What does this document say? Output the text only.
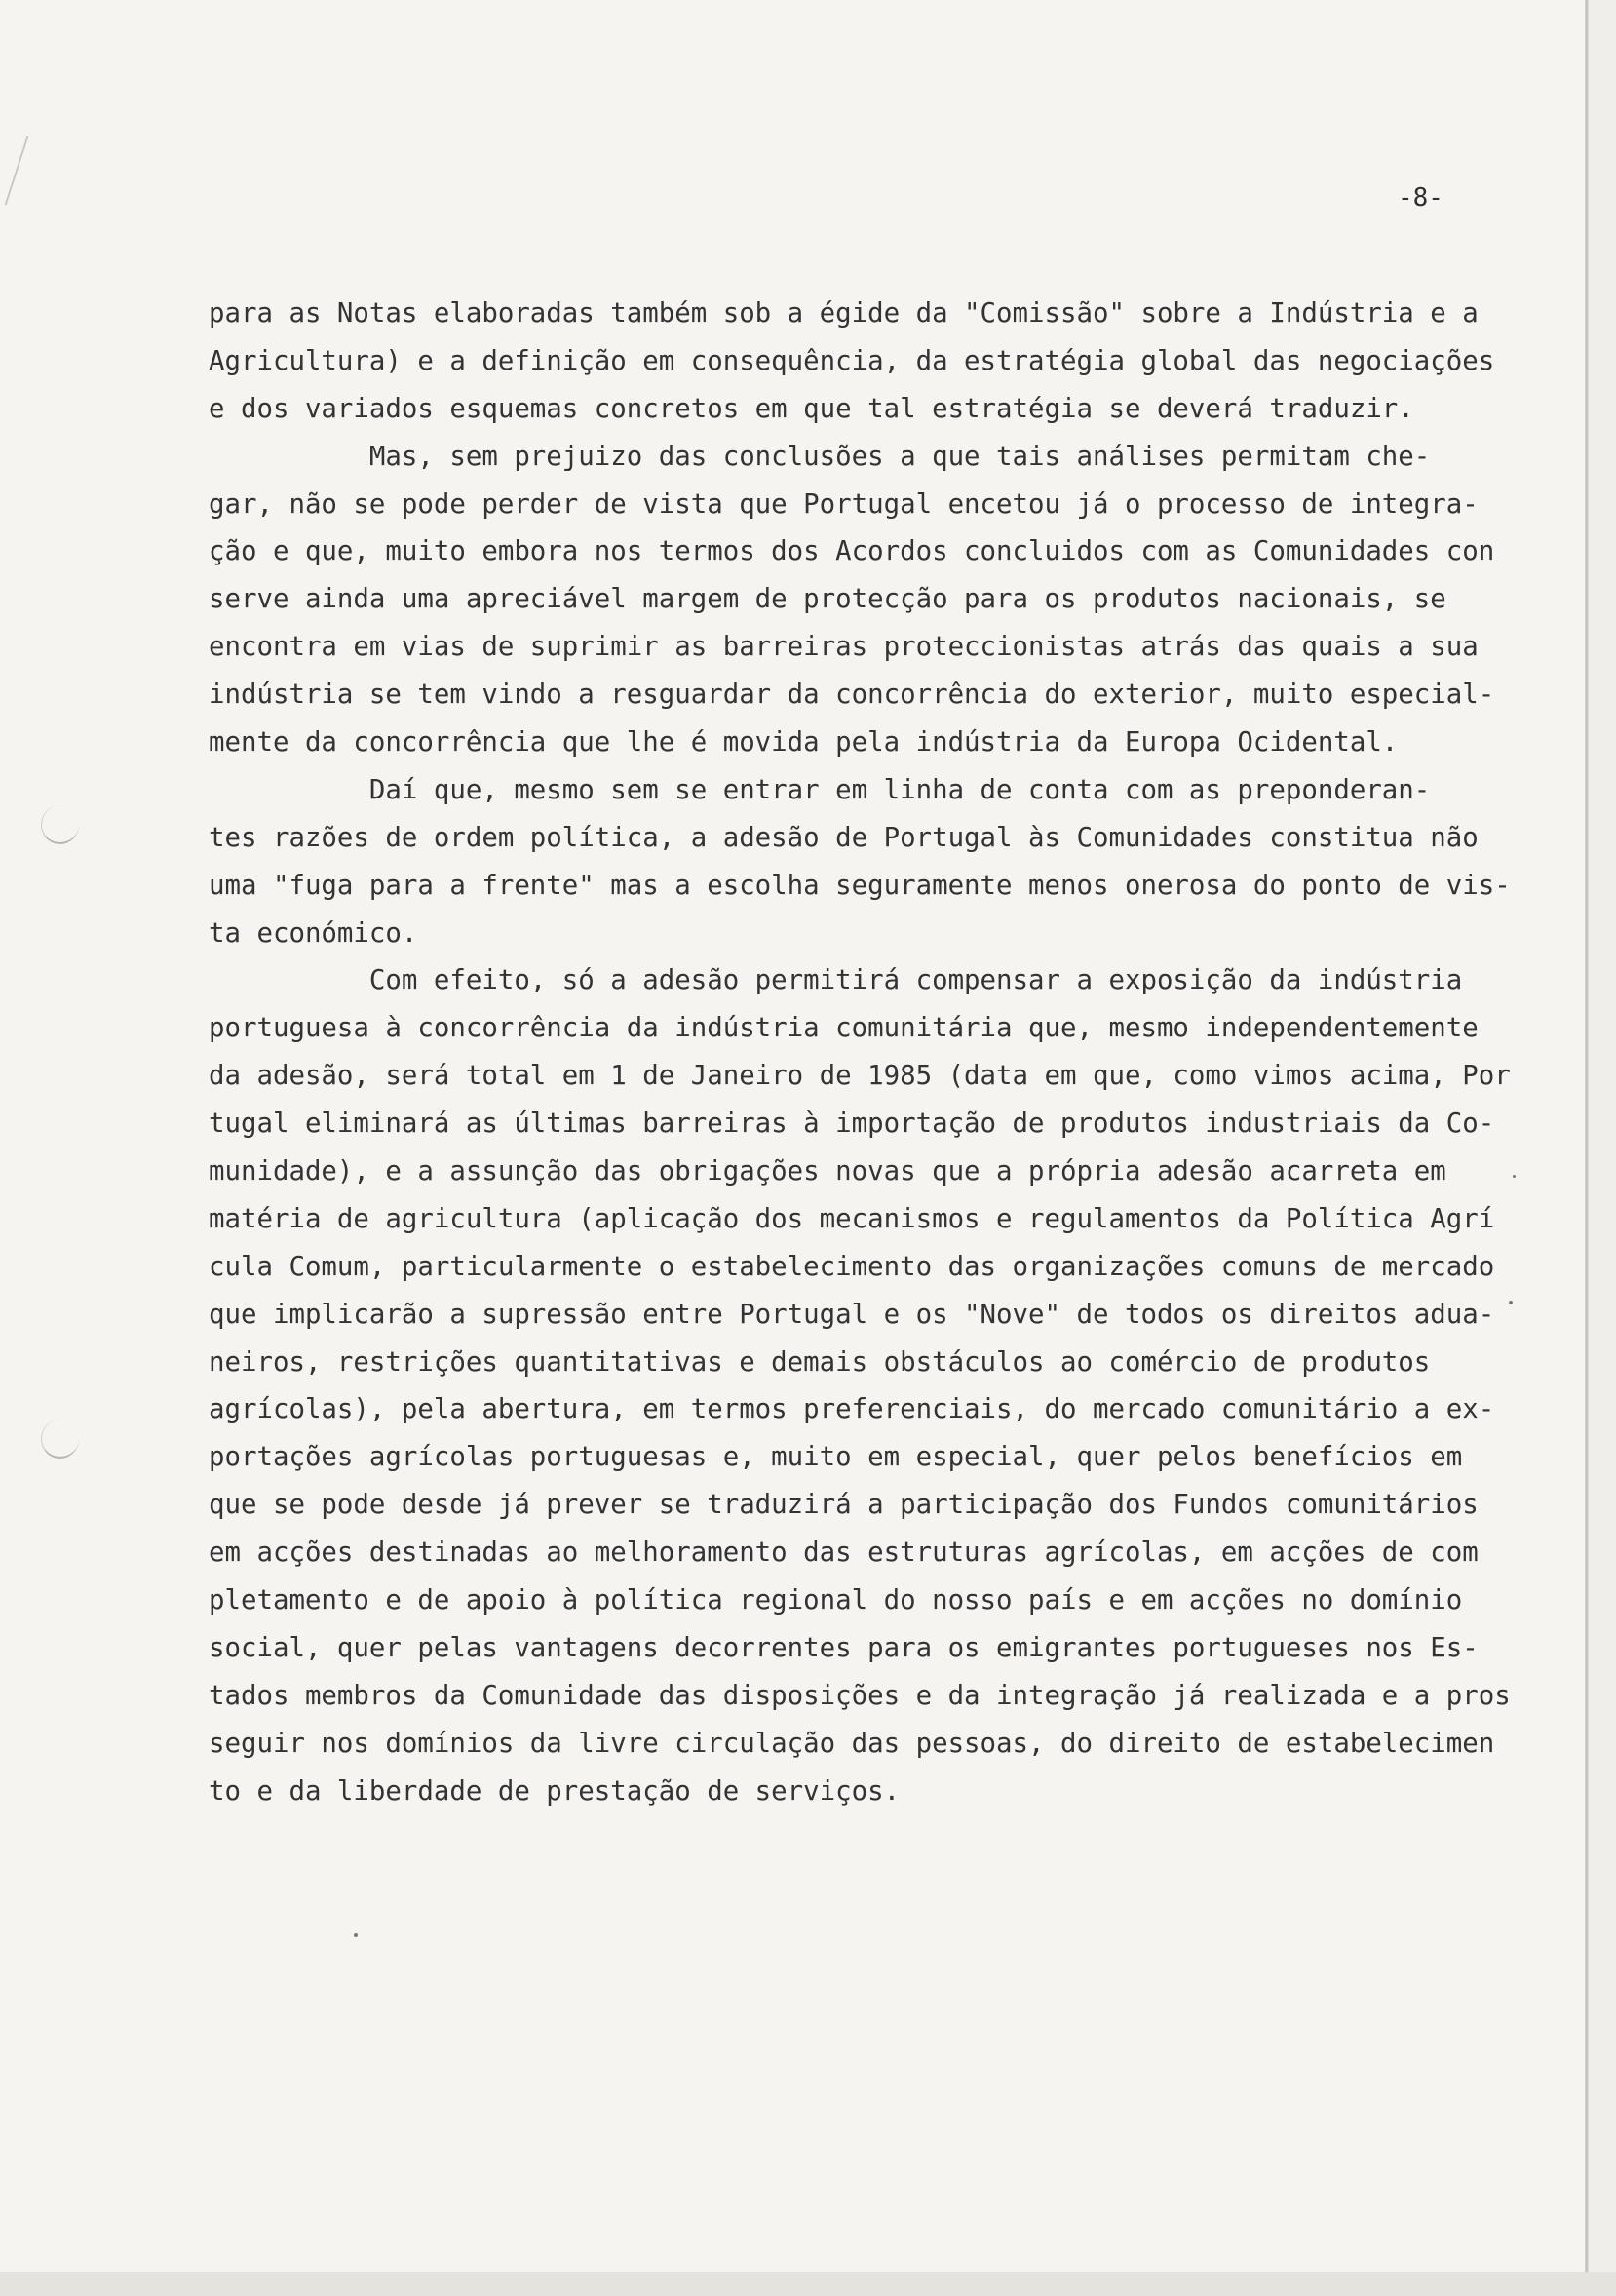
-8-
para as Notas elaboradas também sob a égide da "Comissão" sobre a Indústria e a
Agricultura) e a definição em consequência, da estratégia global das negociações
e dos variados esquemas concretos em que tal estratégia se deverá traduzir.
Mas, sem prejuizo das conclusões a que tais análises permitam che-
gar, não se pode perder de vista que Portugal encetou já o processo de integra-
ção e que, muito embora nos termos dos Acordos concluidos com as Comunidades con
serve ainda uma apreciável margem de protecção para os produtos nacionais, se
encontra em vias de suprimir as barreiras proteccionistas atrás das quais a sua
indústria se tem vindo a resguardar da concorrência do exterior, muito especial-
mente da concorrência que lhe é movida pela indústria da Europa Ocidental.
Daí que, mesmo sem se entrar em linha de conta com as preponderan-
tes razões de ordem política, a adesão de Portugal às Comunidades constitua não
uma "fuga para a frente" mas a escolha seguramente menos onerosa do ponto de vis-
ta económico.
Com efeito, só a adesão permitirá compensar a exposição da indústria
portuguesa à concorrência da indústria comunitária que, mesmo independentemente
da adesão, será total em 1 de Janeiro de 1985 (data em que, como vimos acima, Por
tugal eliminará as últimas barreiras à importação de produtos industriais da Co-
munidade), e a assunção das obrigações novas que a própria adesão acarreta em
matéria de agricultura (aplicação dos mecanismos e regulamentos da Política Agrí
cula Comum, particularmente o estabelecimento das organizações comuns de mercado
que implicarão a supressão entre Portugal e os "Nove" de todos os direitos adua-
neiros, restrições quantitativas e demais obstáculos ao comércio de produtos
agrícolas), pela abertura, em termos preferenciais, do mercado comunitário a ex-
portações agrícolas portuguesas e, muito em especial, quer pelos benefícios em
que se pode desde já prever se traduzirá a participação dos Fundos comunitários
em acções destinadas ao melhoramento das estruturas agrícolas, em acções de com
pletamento e de apoio à política regional do nosso país e em acções no domínio
social, quer pelas vantagens decorrentes para os emigrantes portugueses nos Es-
tados membros da Comunidade das disposições e da integração já realizada e a pros
seguir nos domínios da livre circulação das pessoas, do direito de estabelecimen
to e da liberdade de prestação de serviços.
